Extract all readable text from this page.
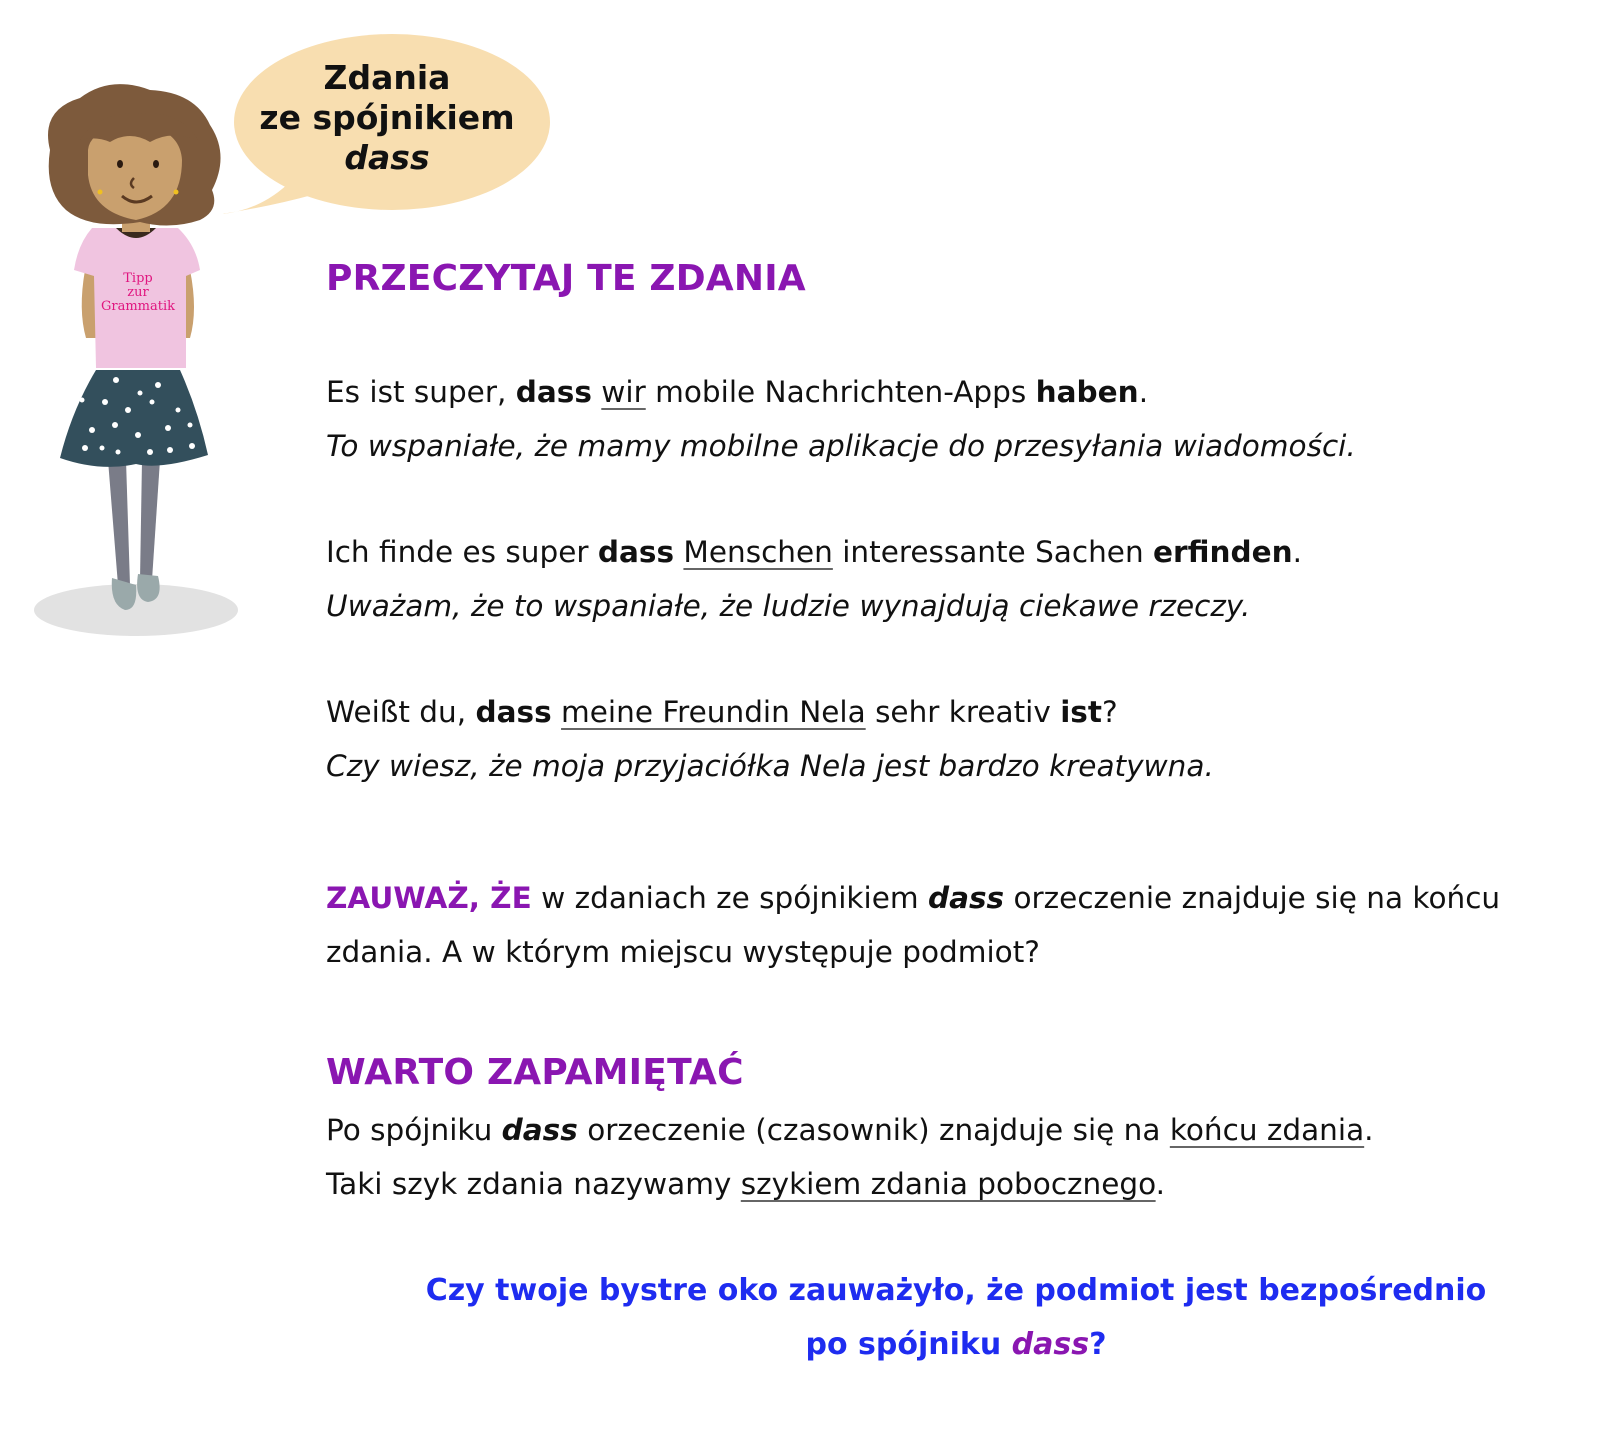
Tipp
zur
Grammatik
Zdania
ze spójnikiem
dass
PRZECZYTAJ TE ZDANIA
Es ist super, dass wir mobile Nachrichten-Apps haben.
To wspaniałe, że mamy mobilne aplikacje do przesyłania wiadomości.
Ich finde es super dass Menschen interessante Sachen erfinden.
Uważam, że to wspaniałe, że ludzie wynajdują ciekawe rzeczy.
Weißt du, dass meine Freundin Nela sehr kreativ ist?
Czy wiesz, że moja przyjaciółka Nela jest bardzo kreatywna.
ZAUWAŻ, ŻE w zdaniach ze spójnikiem dass orzeczenie znajduje się na końcu
zdania. A w którym miejscu występuje podmiot?
WARTO ZAPAMIĘTAĆ
Po spójniku dass orzeczenie (czasownik) znajduje się na końcu zdania.
Taki szyk zdania nazywamy szykiem zdania pobocznego.
Czy twoje bystre oko zauważyło, że podmiot jest bezpośrednio
po spójniku dass?
